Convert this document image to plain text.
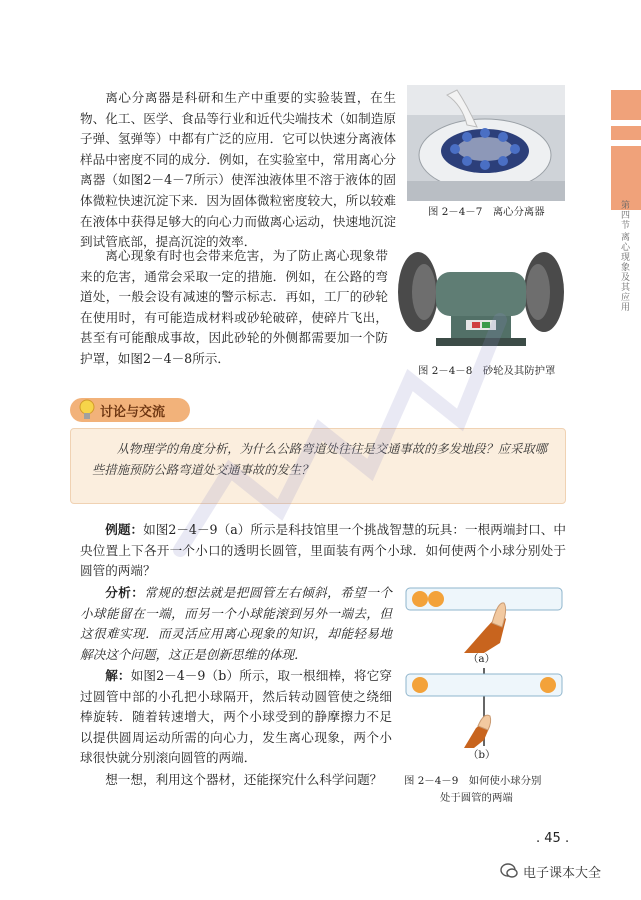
第四节
离心现象及其应用

离心分离器是科研和生产中重要的实验装置，在生物、化工、医学、食品等行业和近代尖端技术（如制造原子弹、氢弹等）中都有广泛的应用．它可以快速分离液体样品中密度不同的成分．例如，在实验室中，常用离心分离器（如图2－4－7所示）使浑浊液体里不溶于液体的固体微粒快速沉淀下来．因为固体微粒密度较大，所以较难在液体中获得足够大的向心力而做离心运动，快速地沉淀到试管底部，提高沉淀的效率．

图 2－4－7　离心分离器

离心现象有时也会带来危害，为了防止离心现象带来的危害，通常会采取一定的措施．例如，在公路的弯道处，一般会设有减速的警示标志．再如，工厂的砂轮在使用时，有可能造成材料或砂轮破碎，使碎片飞出，甚至有可能酿成事故，因此砂轮的外侧都需要加一个防护罩，如图2－4－8所示．

图 2－4－8　砂轮及其防护罩
讨论与交流

从物理学的角度分析，为什么公路弯道处往往是交通事故的多发地段？应采取哪些措施预防公路弯道处交通事故的发生？

例题：如图2－4－9（a）所示是科技馆里一个挑战智慧的玩具：一根两端封口、中央位置上下各开一个小口的透明长圆管，里面装有两个小球．如何使两个小球分别处于圆管的两端？

分析：常规的想法就是把圆管左右倾斜，希望一个小球能留在一端，而另一个小球能滚到另外一端去，但这很难实现．而灵活应用离心现象的知识，却能轻易地解决这个问题，这正是创新思维的体现．

解：如图2－4－9（b）所示，取一根细棒，将它穿过圆管中部的小孔把小球隔开，然后转动圆管使之绕细棒旋转．随着转速增大，两个小球受到的静摩擦力不足以提供圆周运动所需的向心力，发生离心现象，两个小球很快就分别滚向圆管的两端．

想一想，利用这个器材，还能探究什么科学问题？

（a）
（b）
图 2－4－9　如何使小球分别
处于圆管的两端
. 45 .
电子课本大全
